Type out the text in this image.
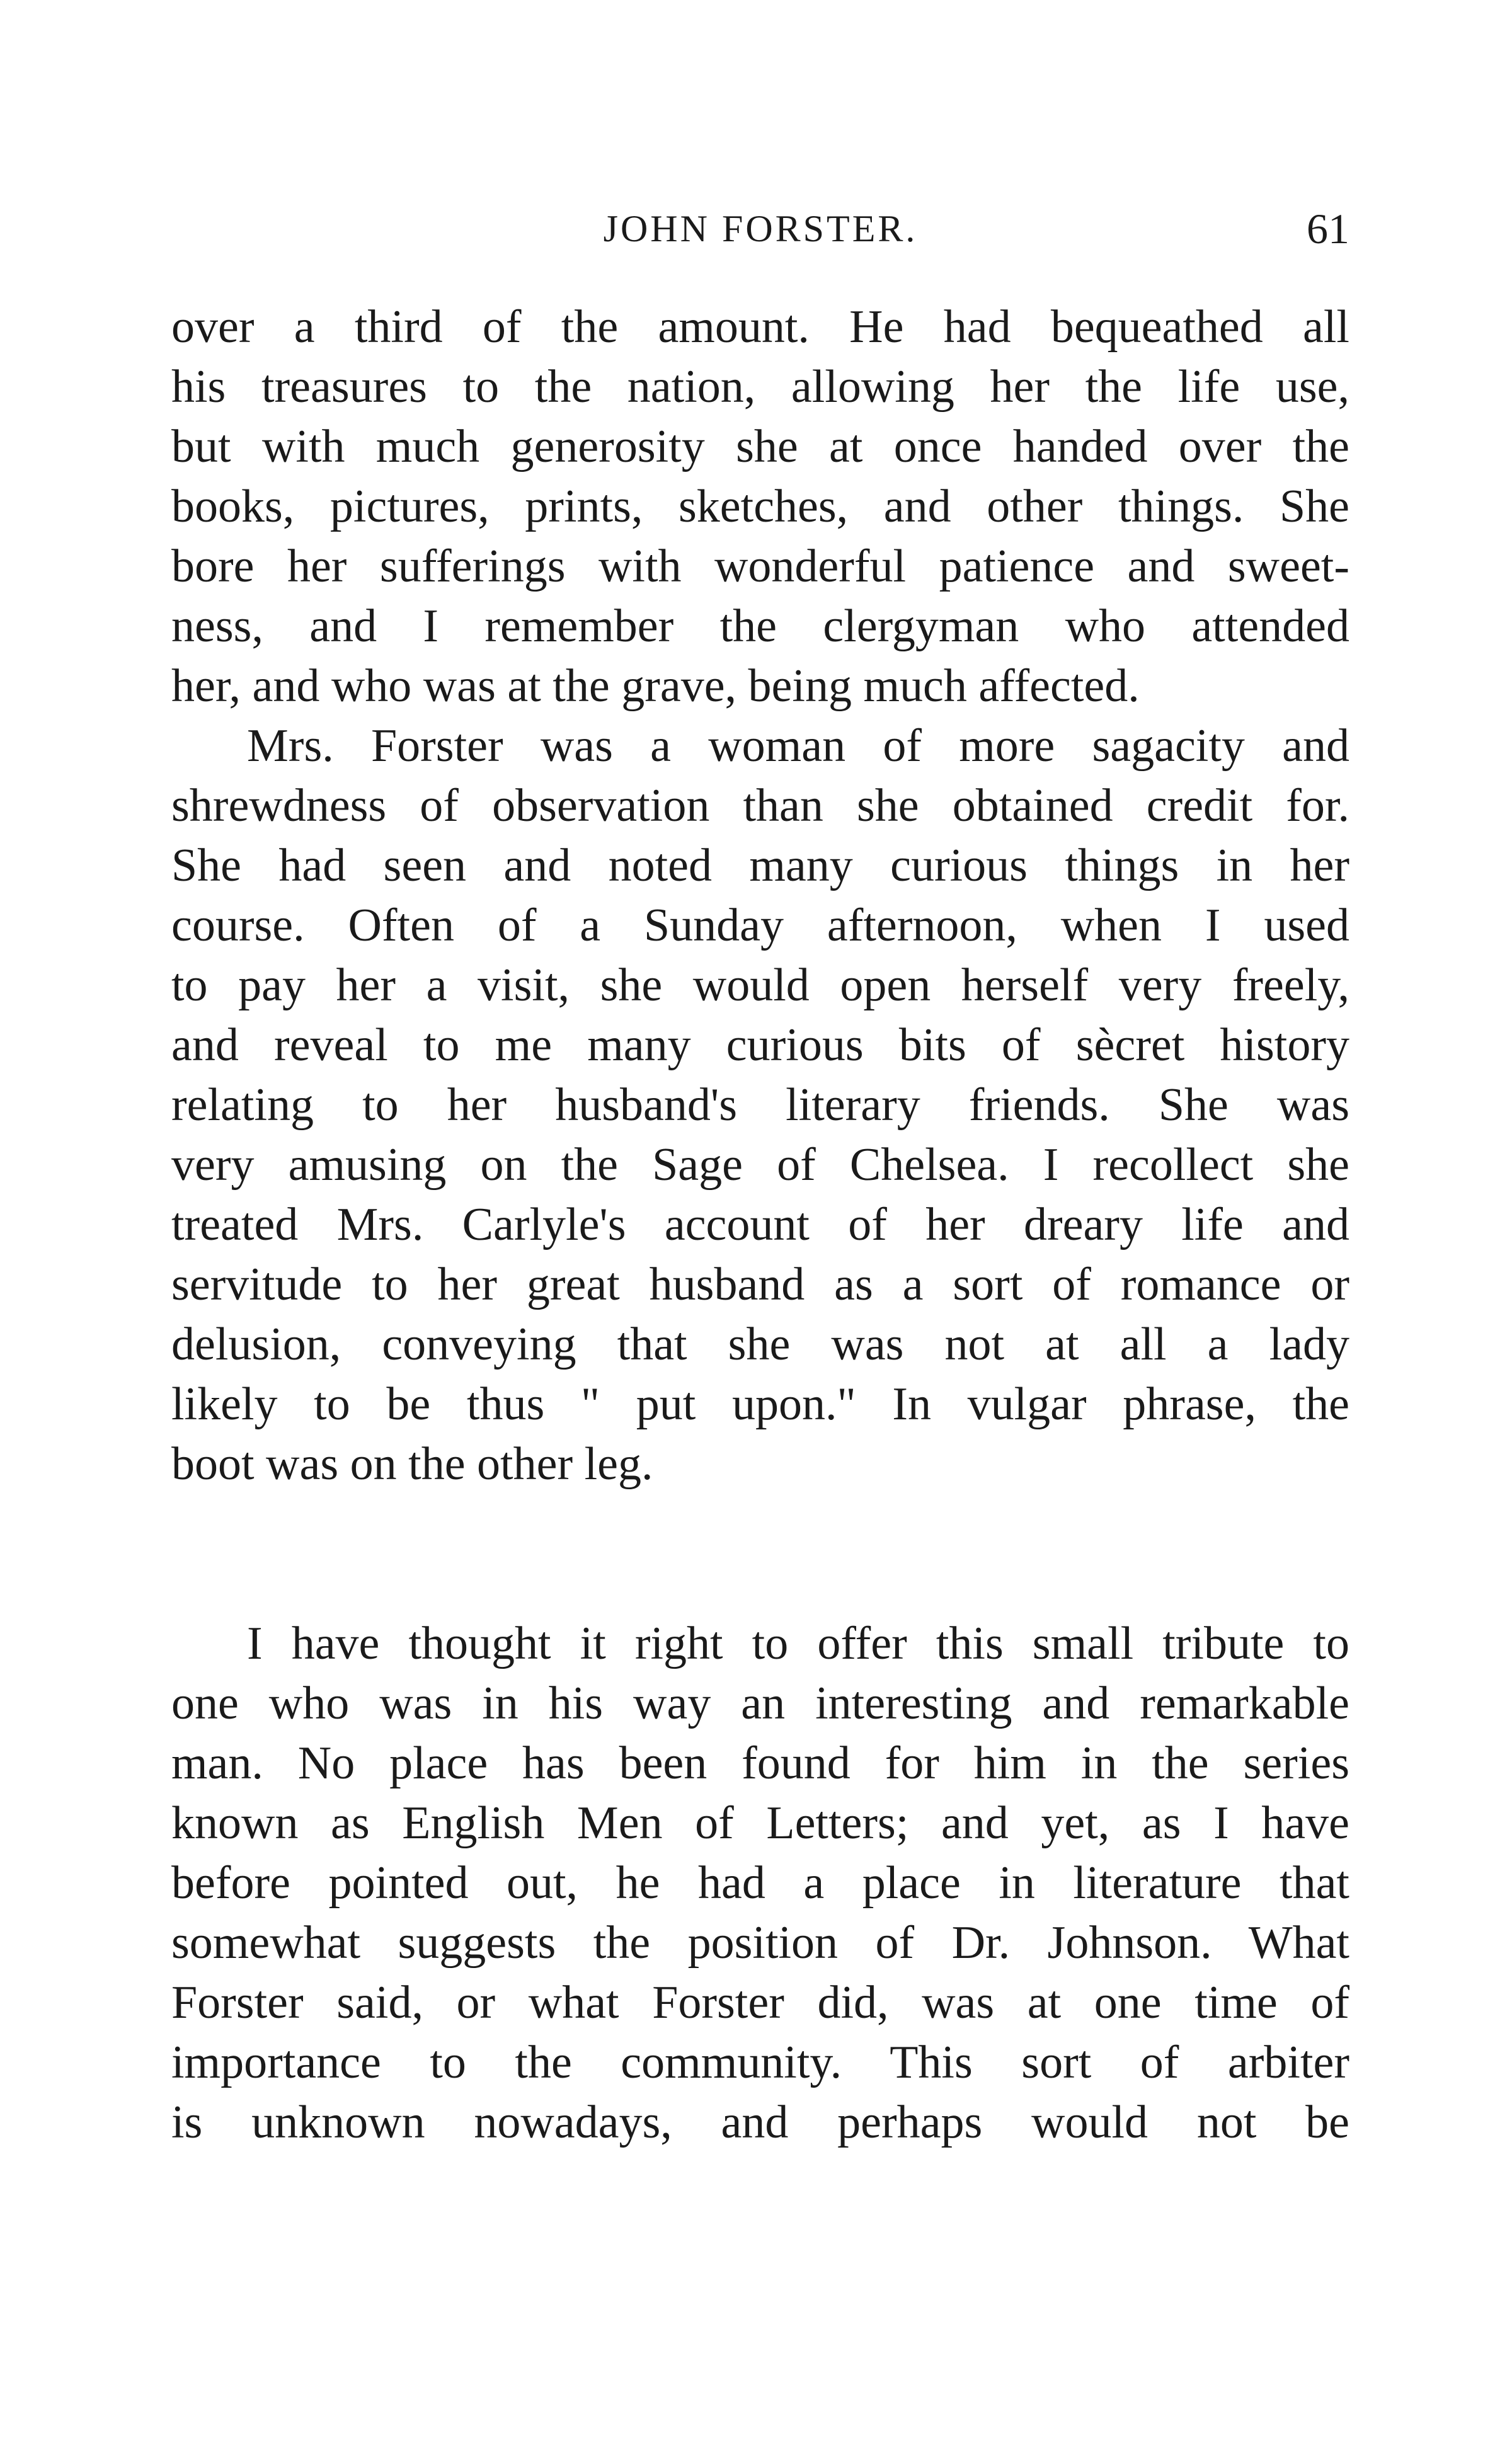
JOHN FORSTER.	61
over a third of the amount. He had bequeathed all
his treasures to the nation, allowing her the life use,
but with much generosity she at once handed over the
books, pictures, prints, sketches, and other things. She
bore her sufferings with wonderful patience and sweet-
ness, and I remember the clergyman who attended
her, and who was at the grave, being much affected.
Mrs. Forster was a woman of more sagacity and
shrewdness of observation than she obtained credit for.
She had seen and noted many curious things in her
course. Often of a Sunday afternoon, when I used
to pay her a visit, she would open herself very freely,
and reveal to me many curious bits of sècret history
relating to her husband's literary friends. She was
very amusing on the Sage of Chelsea. I recollect she
treated Mrs. Carlyle's account of her dreary life and
servitude to her great husband as a sort of romance or
delusion, conveying that she was not at all a lady
likely to be thus " put upon." In vulgar phrase, the
boot was on the other leg.
I have thought it right to offer this small tribute to
one who was in his way an interesting and remarkable
man. No place has been found for him in the series
known as English Men of Letters; and yet, as I have
before pointed out, he had a place in literature that
somewhat suggests the position of Dr. Johnson. What
Forster said, or what Forster did, was at one time of
importance to the community. This sort of arbiter
is unknown nowadays, and perhaps would not be
